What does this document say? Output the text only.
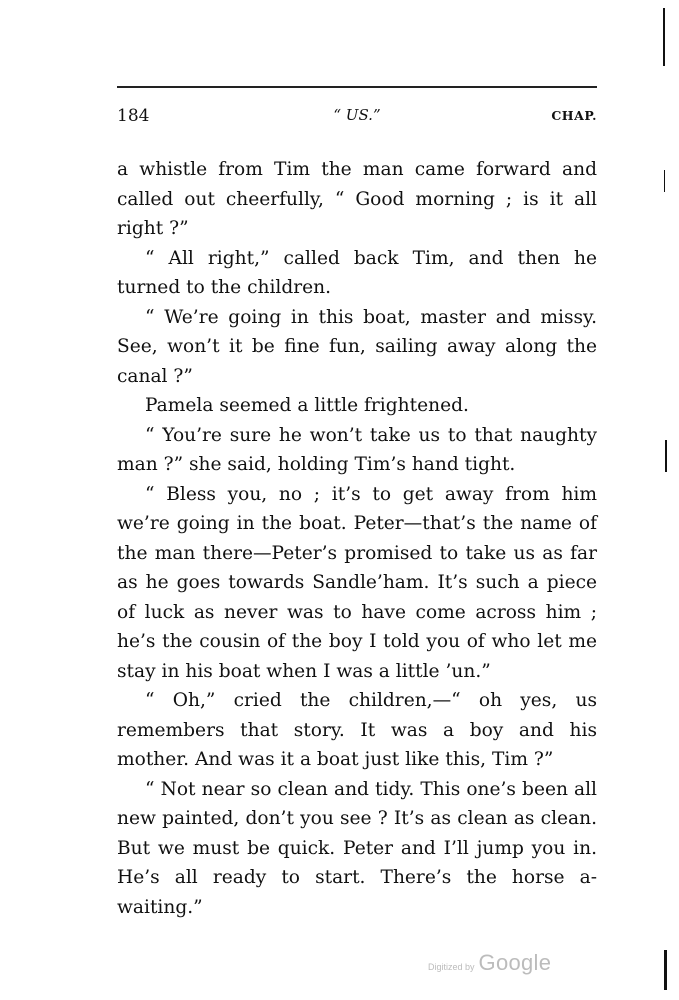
184	“ US.”	CHAP.

a whistle from Tim the man came forward and called out cheerfully, “ Good morning ; is it all right ?”

“ All right,” called back Tim, and then he turned to the children.

“ We’re going in this boat, master and missy. See, won’t it be fine fun, sailing away along the canal ?”

Pamela seemed a little frightened.

“ You’re sure he won’t take us to that naughty man ?” she said, holding Tim’s hand tight.

“ Bless you, no ; it’s to get away from him we’re going in the boat. Peter—that’s the name of the man there—Peter’s promised to take us as far as he goes towards Sandle’ham. It’s such a piece of luck as never was to have come across him ; he’s the cousin of the boy I told you of who let me stay in his boat when I was a little ’un.”

“ Oh,” cried the children,—“ oh yes, us remembers that story. It was a boy and his mother. And was it a boat just like this, Tim ?”

“ Not near so clean and tidy. This one’s been all new painted, don’t you see ? It’s as clean as clean. But we must be quick. Peter and I’ll jump you in. He’s all ready to start. There’s the horse a-waiting.”

Digitized by Google
